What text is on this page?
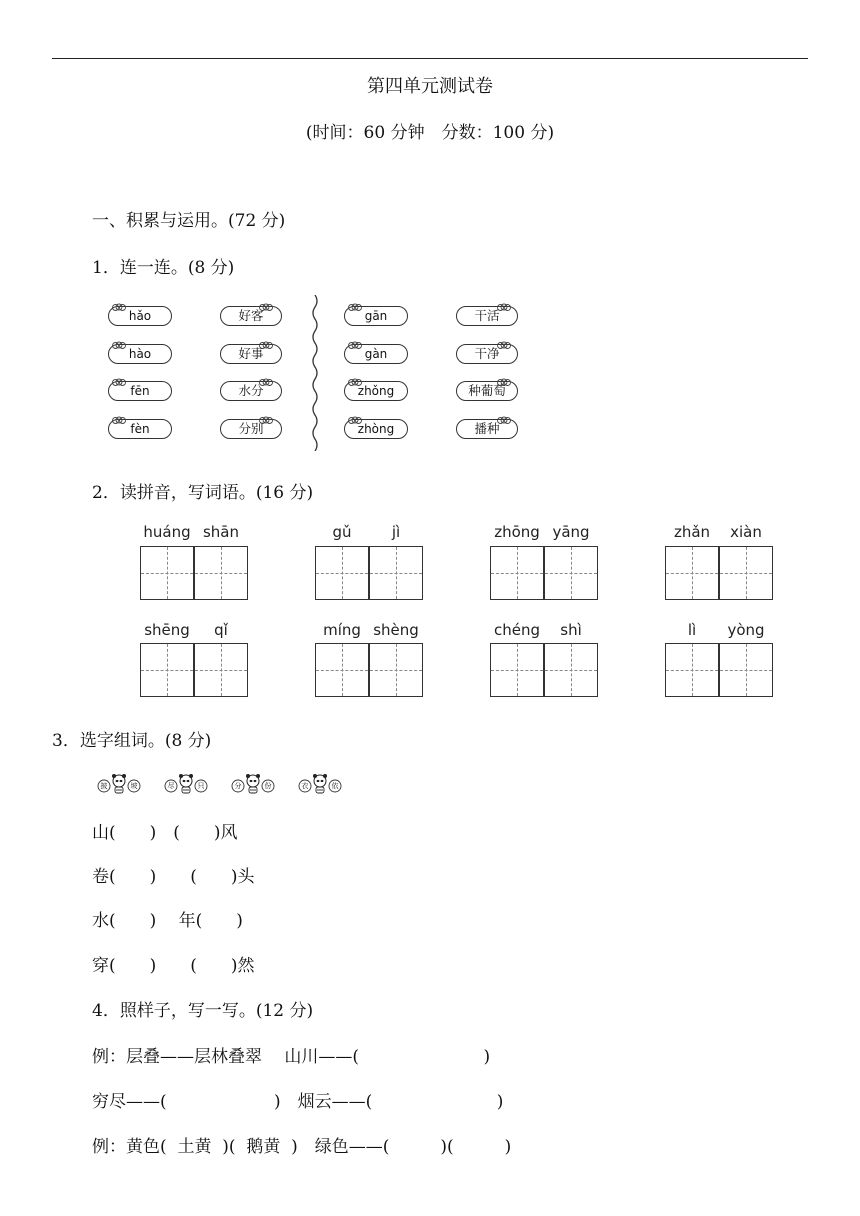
第四单元测试卷
(时间：60 分钟　分数：100 分)
一、积累与运用。(72 分)
1．连一连。(8 分)
hǎo
hào
fēn
fèn
好客
好事
水分
分别
gān
gàn
zhǒng
zhòng
干活
干净
种葡萄
播种
2．读拼音，写词语。(16 分)
huáng shān	gǔ	jì	zhōng yāng	zhǎn	xiàn
shēng	qǐ	míng shèng	chéng	shì	lì	yòng
3．选字组词。(8 分)
披	坡	尽	只	分	份	衣	依
山(　　)　(　　)风
卷(　　)　　(　　)头
水(　　)　 年(　　)
穿(　　)　　(　　)然
4．照样子，写一写。(12 分)
例：层叠——层林叠翠　 山川——(　　　　　　　 )
穷尽——(　　　　　　 )　烟云——(　　　　　　　 )
例：黄色(  土黄  )(  鹅黄  )　绿色——(　　　)(　　　)
